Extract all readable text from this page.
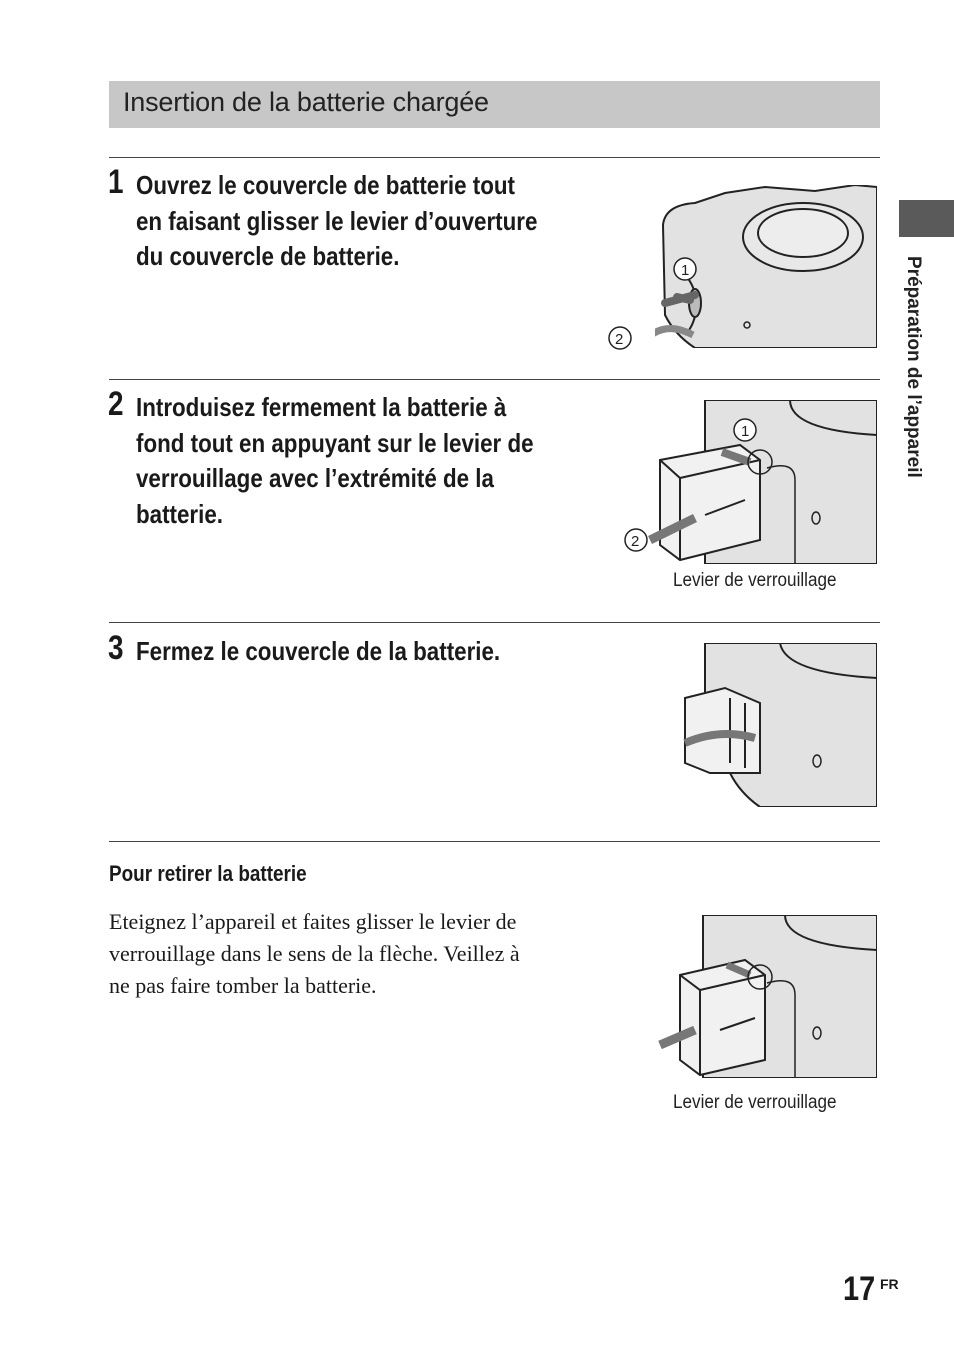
Insertion de la batterie chargée
Préparation de l’appareil
1 Ouvrez le couvercle de batterie tout en faisant glisser le levier d’ouverture du couvercle de batterie.	1
2
2 Introduisez fermement la batterie à fond tout en appuyant sur le levier de verrouillage avec l’extrémité de la batterie.
1
2
Levier de verrouillage
3 Fermez le couvercle de la batterie.
Pour retirer la batterie
Eteignez l’appareil et faites glisser le levier de verrouillage dans le sens de la flèche. Veillez à ne pas faire tomber la batterie.
Levier de verrouillage
17 FR
